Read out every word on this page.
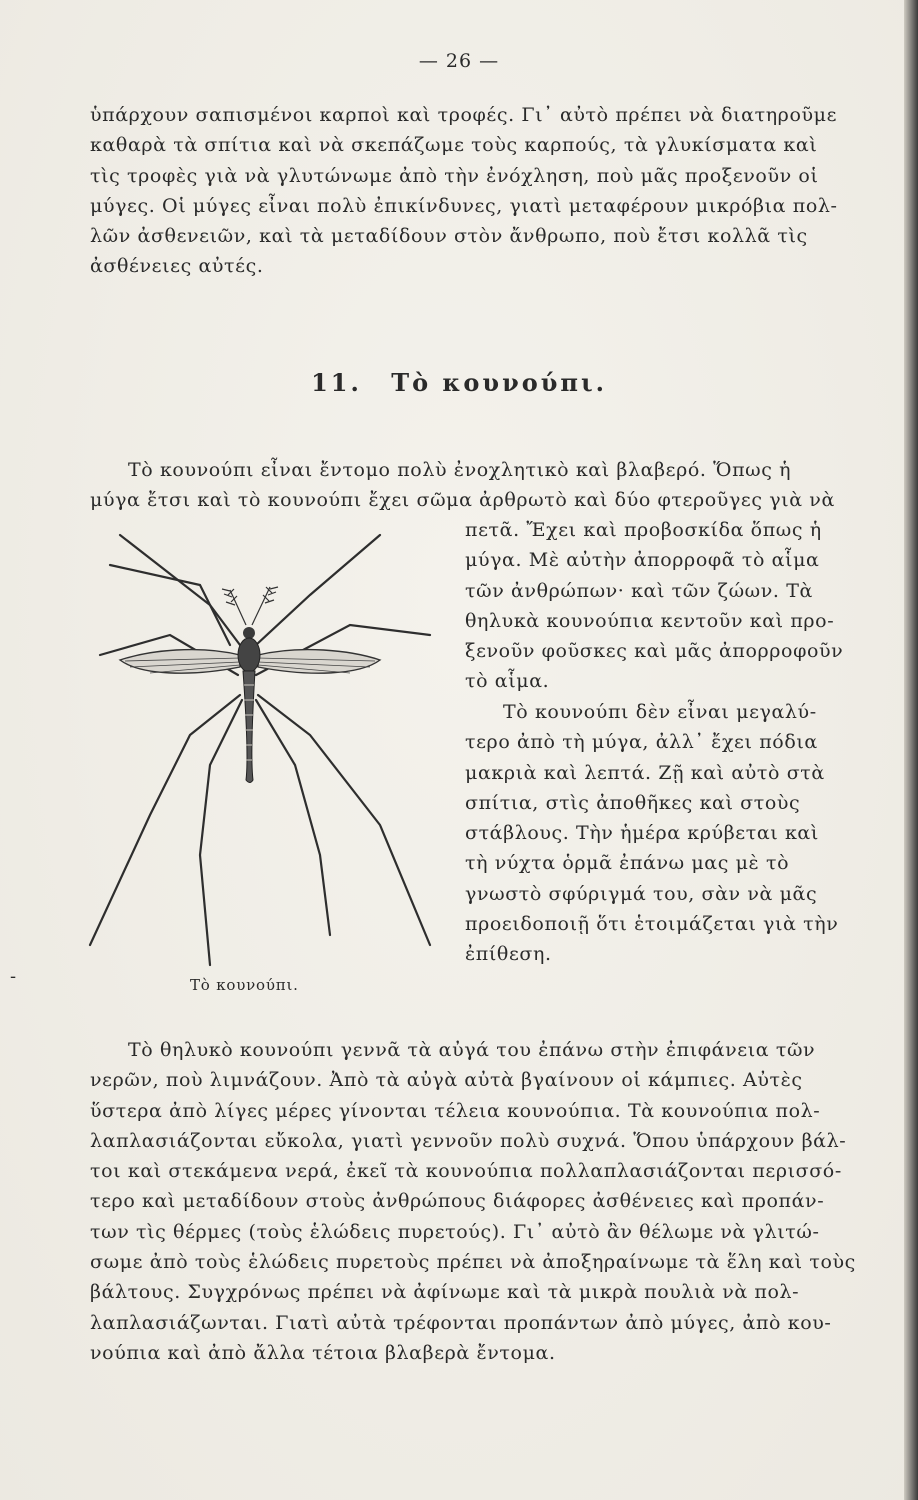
— 26 —
ὑπάρχουν σαπισμένοι καρποὶ καὶ τροφές. Γι᾽ αὐτὸ πρέπει νὰ διατηροῦμε
καθαρὰ τὰ σπίτια καὶ νὰ σκεπάζωμε τοὺς καρπούς, τὰ γλυκίσματα καὶ
τὶς τροφὲς γιὰ νὰ γλυτώνωμε ἀπὸ τὴν ἐνόχληση, ποὺ μᾶς προξενοῦν οἱ
μύγες. Οἱ μύγες εἶναι πολὺ ἐπικίνδυνες, γιατὶ μεταφέρουν μικρόβια πολ-
λῶν ἀσθενειῶν, καὶ τὰ μεταδίδουν στὸν ἄνθρωπο, ποὺ ἔτσι κολλᾶ τὶς
ἀσθένειες αὐτές.
11. Τὸ κουνούπι.
Τὸ κουνούπι εἶναι ἔντομο πολὺ ἐνοχλητικὸ καὶ βλαβερό. Ὅπως ἡ
μύγα ἔτσι καὶ τὸ κουνούπι ἔχει σῶμα ἀρθρωτὸ καὶ δύο φτεροῦγες γιὰ νὰ
πετᾶ. Ἔχει καὶ προβοσκίδα ὅπως ἡ
μύγα. Μὲ αὐτὴν ἀπορροφᾶ τὸ αἷμα
τῶν ἀνθρώπων· καὶ τῶν ζώων. Τὰ
θηλυκὰ κουνούπια κεντοῦν καὶ προ-
ξενοῦν φοῦσκες καὶ μᾶς ἀπορροφοῦν
τὸ αἷμα.
Τὸ κουνούπι δὲν εἶναι μεγαλύ-
τερο ἀπὸ τὴ μύγα, ἀλλ᾽ ἔχει πόδια
μακριὰ καὶ λεπτά. Ζῇ καὶ αὐτὸ στὰ
σπίτια, στὶς ἀποθῆκες καὶ στοὺς
στάβλους. Τὴν ἡμέρα κρύβεται καὶ
τὴ νύχτα ὁρμᾶ ἐπάνω μας μὲ τὸ
γνωστὸ σφύριγμά του, σὰν νὰ μᾶς
προειδοποιῇ ὅτι ἑτοιμάζεται γιὰ τὴν
ἐπίθεση.
Τὸ κουνούπι.
-
Τὸ θηλυκὸ κουνούπι γεννᾶ τὰ αὐγά του ἐπάνω στὴν ἐπιφάνεια τῶν
νερῶν, ποὺ λιμνάζουν. Ἀπὸ τὰ αὐγὰ αὐτὰ βγαίνουν οἱ κάμπιες. Αὐτὲς
ὕστερα ἀπὸ λίγες μέρες γίνονται τέλεια κουνούπια. Τὰ κουνούπια πολ-
λαπλασιάζονται εὔκολα, γιατὶ γεννοῦν πολὺ συχνά. Ὅπου ὑπάρχουν βάλ-
τοι καὶ στεκάμενα νερά, ἐκεῖ τὰ κουνούπια πολλαπλασιάζονται περισσό-
τερο καὶ μεταδίδουν στοὺς ἀνθρώπους διάφορες ἀσθένειες καὶ προπάν-
των τὶς θέρμες (τοὺς ἑλώδεις πυρετούς). Γι᾽ αὐτὸ ἂν θέλωμε νὰ γλιτώ-
σωμε ἀπὸ τοὺς ἑλώδεις πυρετοὺς πρέπει νὰ ἀποξηραίνωμε τὰ ἕλη καὶ τοὺς
βάλτους. Συγχρόνως πρέπει νὰ ἀφίνωμε καὶ τὰ μικρὰ πουλιὰ νὰ πολ-
λαπλασιάζωνται. Γιατὶ αὐτὰ τρέφονται προπάντων ἀπὸ μύγες, ἀπὸ κου-
νούπια καὶ ἀπὸ ἄλλα τέτοια βλαβερὰ ἔντομα.
